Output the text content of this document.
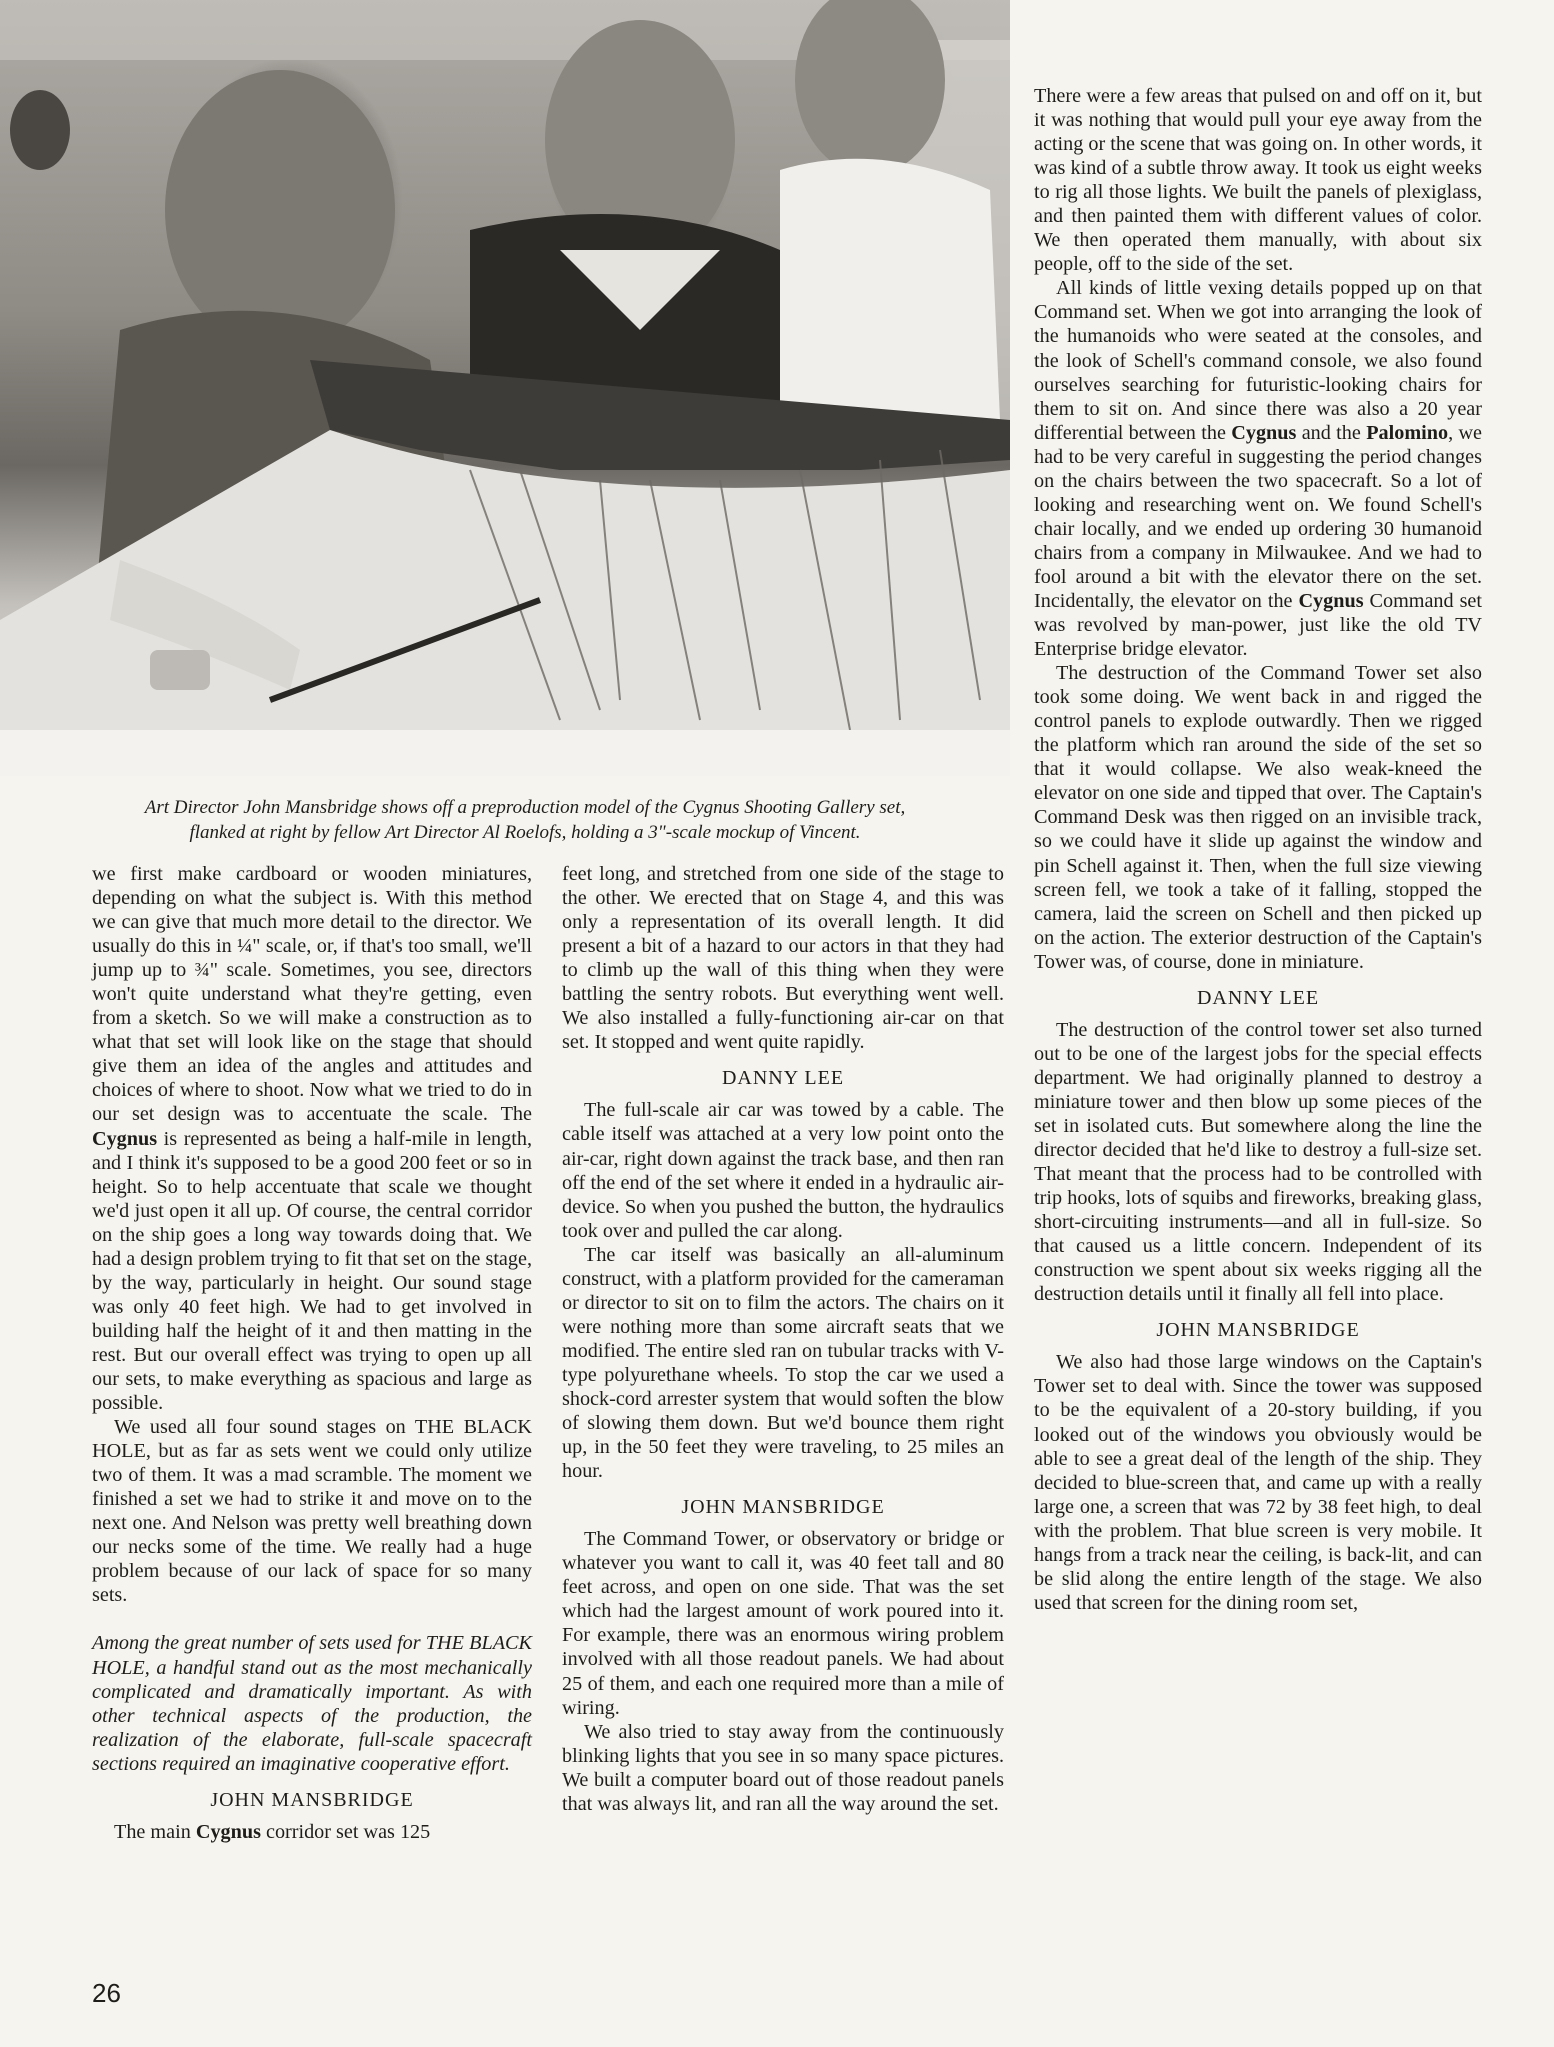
Art Director John Mansbridge shows off a preproduction model of the Cygnus Shooting Gallery set,
flanked at right by fellow Art Director Al Roelofs, holding a 3"-scale mockup of Vincent.

we first make cardboard or wooden miniatures, depending on what the subject is. With this method we can give that much more detail to the director. We usually do this in ¼" scale, or, if that's too small, we'll jump up to ¾" scale. Sometimes, you see, directors won't quite understand what they're getting, even from a sketch. So we will make a construction as to what that set will look like on the stage that should give them an idea of the angles and attitudes and choices of where to shoot. Now what we tried to do in our set design was to accentuate the scale. The Cygnus is represented as being a half-mile in length, and I think it's supposed to be a good 200 feet or so in height. So to help accentuate that scale we thought we'd just open it all up. Of course, the central corridor on the ship goes a long way towards doing that. We had a design problem trying to fit that set on the stage, by the way, particularly in height. Our sound stage was only 40 feet high. We had to get involved in building half the height of it and then matting in the rest. But our overall effect was trying to open up all our sets, to make everything as spacious and large as possible.

We used all four sound stages on THE BLACK HOLE, but as far as sets went we could only utilize two of them. It was a mad scramble. The moment we finished a set we had to strike it and move on to the next one. And Nelson was pretty well breathing down our necks some of the time. We really had a huge problem because of our lack of space for so many sets.

Among the great number of sets used for THE BLACK HOLE, a handful stand out as the most mechanically complicated and dramatically important. As with other technical aspects of the production, the realization of the elaborate, full-scale spacecraft sections required an imaginative cooperative effort.

JOHN MANSBRIDGE

The main Cygnus corridor set was 125

feet long, and stretched from one side of the stage to the other. We erected that on Stage 4, and this was only a representation of its overall length. It did present a bit of a hazard to our actors in that they had to climb up the wall of this thing when they were battling the sentry robots. But everything went well. We also installed a fully-functioning air-car on that set. It stopped and went quite rapidly.

DANNY LEE

The full-scale air car was towed by a cable. The cable itself was attached at a very low point onto the air-car, right down against the track base, and then ran off the end of the set where it ended in a hydraulic air-device. So when you pushed the button, the hydraulics took over and pulled the car along.

The car itself was basically an all-aluminum construct, with a platform provided for the cameraman or director to sit on to film the actors. The chairs on it were nothing more than some aircraft seats that we modified. The entire sled ran on tubular tracks with V-type polyurethane wheels. To stop the car we used a shock-cord arrester system that would soften the blow of slowing them down. But we'd bounce them right up, in the 50 feet they were traveling, to 25 miles an hour.

JOHN MANSBRIDGE

The Command Tower, or observatory or bridge or whatever you want to call it, was 40 feet tall and 80 feet across, and open on one side. That was the set which had the largest amount of work poured into it. For example, there was an enormous wiring problem involved with all those readout panels. We had about 25 of them, and each one required more than a mile of wiring.

We also tried to stay away from the continuously blinking lights that you see in so many space pictures. We built a computer board out of those readout panels that was always lit, and ran all the way around the set.

There were a few areas that pulsed on and off on it, but it was nothing that would pull your eye away from the acting or the scene that was going on. In other words, it was kind of a subtle throw away. It took us eight weeks to rig all those lights. We built the panels of plexiglass, and then painted them with different values of color. We then operated them manually, with about six people, off to the side of the set.

All kinds of little vexing details popped up on that Command set. When we got into arranging the look of the humanoids who were seated at the consoles, and the look of Schell's command console, we also found ourselves searching for futuristic-looking chairs for them to sit on. And since there was also a 20 year differential between the Cygnus and the Palomino, we had to be very careful in suggesting the period changes on the chairs between the two spacecraft. So a lot of looking and researching went on. We found Schell's chair locally, and we ended up ordering 30 humanoid chairs from a company in Milwaukee. And we had to fool around a bit with the elevator there on the set. Incidentally, the elevator on the Cygnus Command set was revolved by man-power, just like the old TV Enterprise bridge elevator.

The destruction of the Command Tower set also took some doing. We went back in and rigged the control panels to explode outwardly. Then we rigged the platform which ran around the side of the set so that it would collapse. We also weak-kneed the elevator on one side and tipped that over. The Captain's Command Desk was then rigged on an invisible track, so we could have it slide up against the window and pin Schell against it. Then, when the full size viewing screen fell, we took a take of it falling, stopped the camera, laid the screen on Schell and then picked up on the action. The exterior destruction of the Captain's Tower was, of course, done in miniature.

DANNY LEE

The destruction of the control tower set also turned out to be one of the largest jobs for the special effects department. We had originally planned to destroy a miniature tower and then blow up some pieces of the set in isolated cuts. But somewhere along the line the director decided that he'd like to destroy a full-size set. That meant that the process had to be controlled with trip hooks, lots of squibs and fireworks, breaking glass, short-circuiting instruments—and all in full-size. So that caused us a little concern. Independent of its construction we spent about six weeks rigging all the destruction details until it finally all fell into place.

JOHN MANSBRIDGE

We also had those large windows on the Captain's Tower set to deal with. Since the tower was supposed to be the equivalent of a 20-story building, if you looked out of the windows you obviously would be able to see a great deal of the length of the ship. They decided to blue-screen that, and came up with a really large one, a screen that was 72 by 38 feet high, to deal with the problem. That blue screen is very mobile. It hangs from a track near the ceiling, is back-lit, and can be slid along the entire length of the stage. We also used that screen for the dining room set,

26
